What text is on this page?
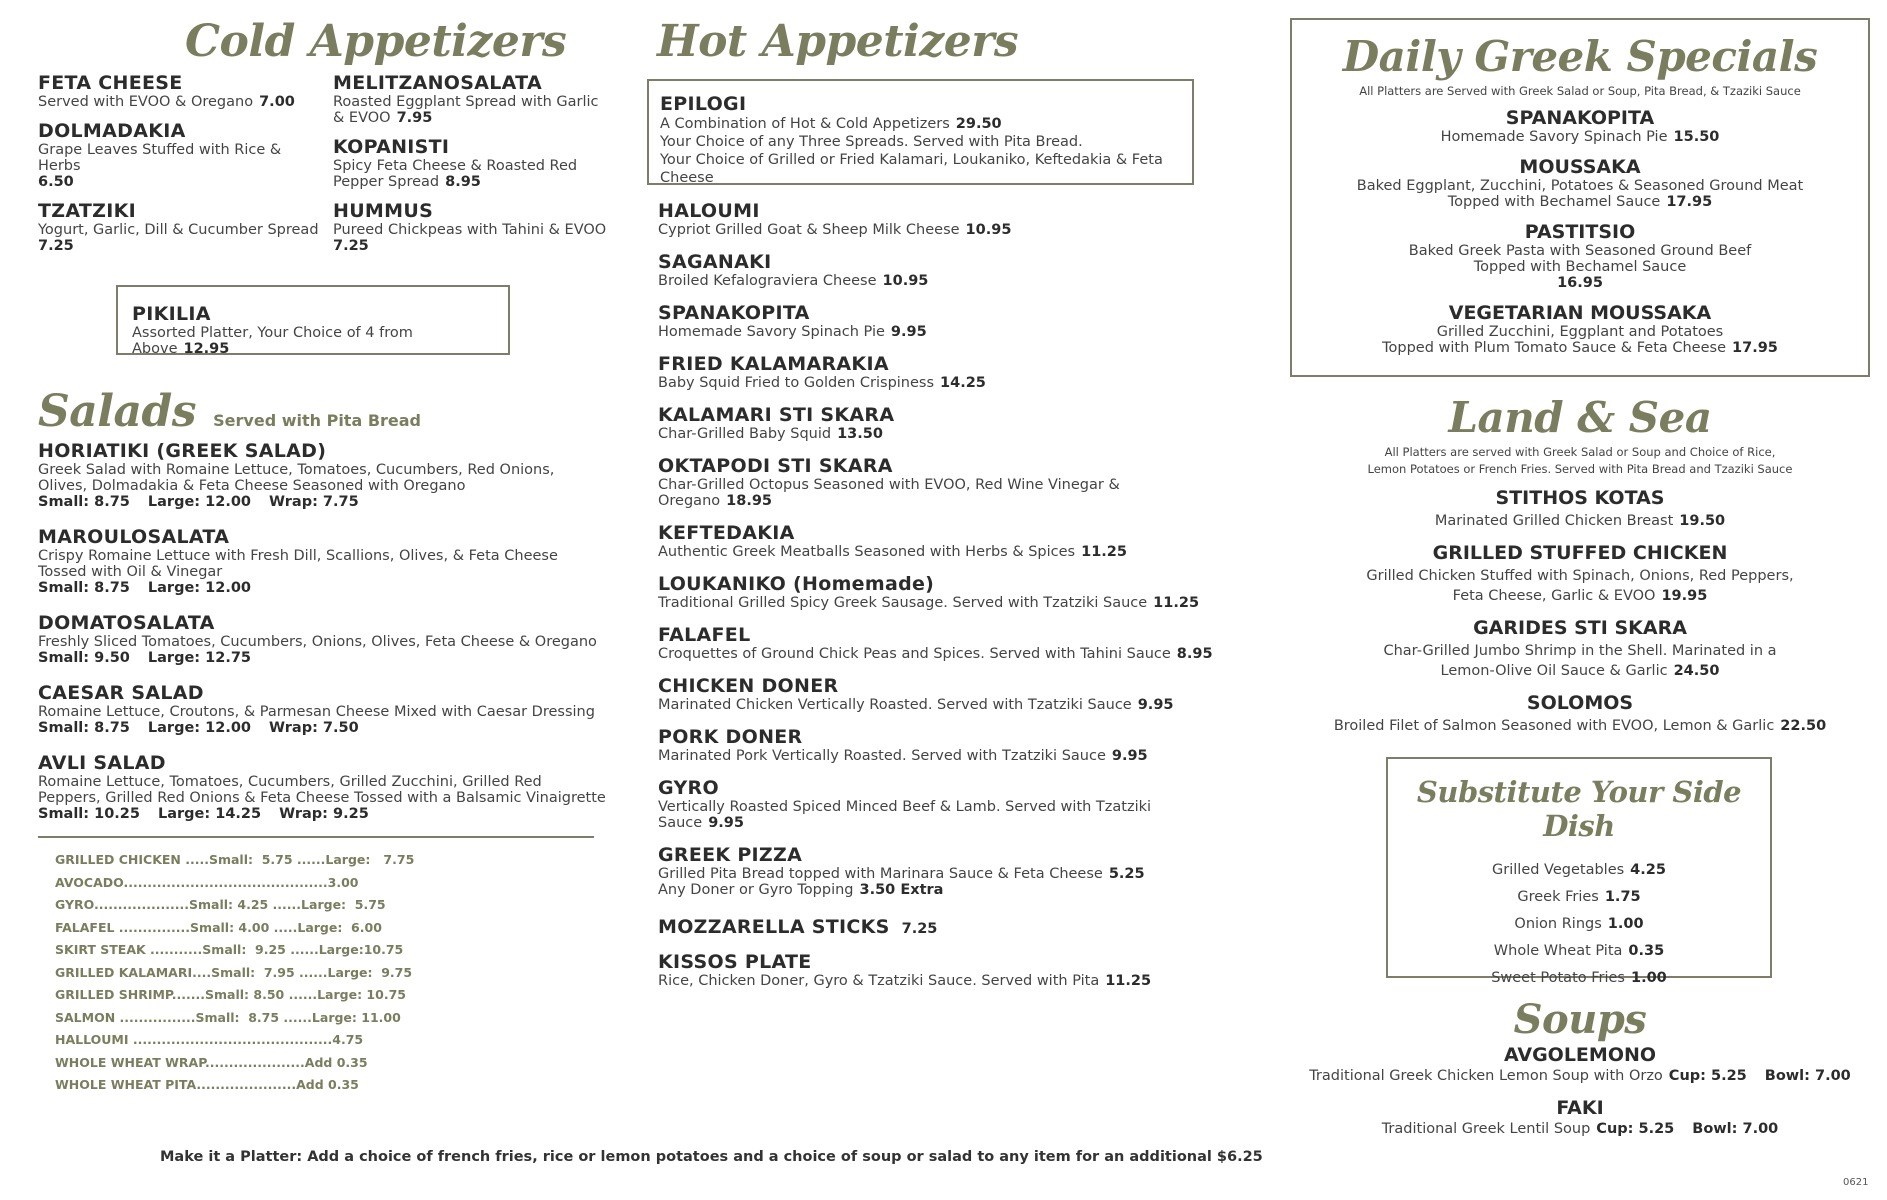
Cold Appetizers
FETA CHEESE
Served with EVOO & Oregano 7.00
DOLMADAKIA
Grape Leaves Stuffed with Rice & Herbs
6.50
TZATZIKI
Yogurt, Garlic, Dill & Cucumber Spread
7.25
MELITZANOSALATA
Roasted Eggplant Spread with Garlic & EVOO 7.95
KOPANISTI
Spicy Feta Cheese & Roasted Red Pepper Spread 8.95
HUMMUS
Pureed Chickpeas with Tahini & EVOO
7.25
PIKILIA
Assorted Platter, Your Choice of 4 from Above 12.95
Salads Served with Pita Bread
HORIATIKI (GREEK SALAD)
Greek Salad with Romaine Lettuce, Tomatoes, Cucumbers, Red Onions, Olives, Dolmadakia & Feta Cheese Seasoned with Oregano
Small: 8.75 Large: 12.00 Wrap: 7.75
MAROULOSALATA
Crispy Romaine Lettuce with Fresh Dill, Scallions, Olives, & Feta Cheese Tossed with Oil & Vinegar
Small: 8.75 Large: 12.00
DOMATOSALATA
Freshly Sliced Tomatoes, Cucumbers, Onions, Olives, Feta Cheese & Oregano
Small: 9.50 Large: 12.75
CAESAR SALAD
Romaine Lettuce, Croutons, & Parmesan Cheese Mixed with Caesar Dressing
Small: 8.75 Large: 12.00 Wrap: 7.50
AVLI SALAD
Romaine Lettuce, Tomatoes, Cucumbers, Grilled Zucchini, Grilled Red Peppers, Grilled Red Onions & Feta Cheese Tossed with a Balsamic Vinaigrette
Small: 10.25 Large: 14.25 Wrap: 9.25
GRILLED CHICKEN .....Small:  5.75 ......Large:   7.75
AVOCADO...........................................3.00
GYRO....................Small: 4.25 ......Large:  5.75
FALAFEL ...............Small: 4.00 .....Large:  6.00
SKIRT STEAK ...........Small:  9.25 ......Large:10.75
GRILLED KALAMARI....Small:  7.95 ......Large:  9.75
GRILLED SHRIMP.......Small: 8.50 ......Large: 10.75
SALMON ................Small:  8.75 ......Large: 11.00
HALLOUMI ..........................................4.75
WHOLE WHEAT WRAP.....................Add 0.35
WHOLE WHEAT PITA.....................Add 0.35
Hot Appetizers
EPILOGI
A Combination of Hot & Cold Appetizers 29.50
Your Choice of any Three Spreads. Served with Pita Bread.
Your Choice of Grilled or Fried Kalamari, Loukaniko, Keftedakia & Feta Cheese
HALOUMI
Cypriot Grilled Goat & Sheep Milk Cheese 10.95
SAGANAKI
Broiled Kefalograviera Cheese 10.95
SPANAKOPITA
Homemade Savory Spinach Pie 9.95
FRIED KALAMARAKIA
Baby Squid Fried to Golden Crispiness 14.25
KALAMARI STI SKARA
Char-Grilled Baby Squid 13.50
OKTAPODI STI SKARA
Char-Grilled Octopus Seasoned with EVOO, Red Wine Vinegar & Oregano 18.95
KEFTEDAKIA
Authentic Greek Meatballs Seasoned with Herbs & Spices 11.25
LOUKANIKO (Homemade)
Traditional Grilled Spicy Greek Sausage. Served with Tzatziki Sauce 11.25
FALAFEL
Croquettes of Ground Chick Peas and Spices. Served with Tahini Sauce 8.95
CHICKEN DONER
Marinated Chicken Vertically Roasted. Served with Tzatziki Sauce 9.95
PORK DONER
Marinated Pork Vertically Roasted. Served with Tzatziki Sauce 9.95
GYRO
Vertically Roasted Spiced Minced Beef & Lamb. Served with Tzatziki Sauce 9.95
GREEK PIZZA
Grilled Pita Bread topped with Marinara Sauce & Feta Cheese 5.25
Any Doner or Gyro Topping 3.50 Extra
MOZZARELLA STICKS 7.25
KISSOS PLATE
Rice, Chicken Doner, Gyro & Tzatziki Sauce. Served with Pita 11.25
Daily Greek Specials
All Platters are Served with Greek Salad or Soup, Pita Bread, & Tzaziki Sauce
SPANAKOPITA
Homemade Savory Spinach Pie 15.50
MOUSSAKA
Baked Eggplant, Zucchini, Potatoes & Seasoned Ground Meat
Topped with Bechamel Sauce 17.95
PASTITSIO
Baked Greek Pasta with Seasoned Ground Beef
Topped with Bechamel Sauce
16.95
VEGETARIAN MOUSSAKA
Grilled Zucchini, Eggplant and Potatoes
Topped with Plum Tomato Sauce & Feta Cheese 17.95
Land & Sea
All Platters are served with Greek Salad or Soup and Choice of Rice,
Lemon Potatoes or French Fries. Served with Pita Bread and Tzaziki Sauce
STITHOS KOTAS
Marinated Grilled Chicken Breast 19.50
GRILLED STUFFED CHICKEN
Grilled Chicken Stuffed with Spinach, Onions, Red Peppers,
Feta Cheese, Garlic & EVOO 19.95
GARIDES STI SKARA
Char-Grilled Jumbo Shrimp in the Shell. Marinated in a
Lemon-Olive Oil Sauce & Garlic 24.50
SOLOMOS
Broiled Filet of Salmon Seasoned with EVOO, Lemon & Garlic 22.50
Substitute Your Side Dish
Grilled Vegetables 4.25
Greek Fries 1.75
Onion Rings 1.00
Whole Wheat Pita 0.35
Sweet Potato Fries 1.00
Soups
AVGOLEMONO
Traditional Greek Chicken Lemon Soup with Orzo Cup: 5.25 Bowl: 7.00
FAKI
Traditional Greek Lentil Soup Cup: 5.25 Bowl: 7.00
Make it a Platter: Add a choice of french fries, rice or lemon potatoes and a choice of soup or salad to any item for an additional $6.25
0621
